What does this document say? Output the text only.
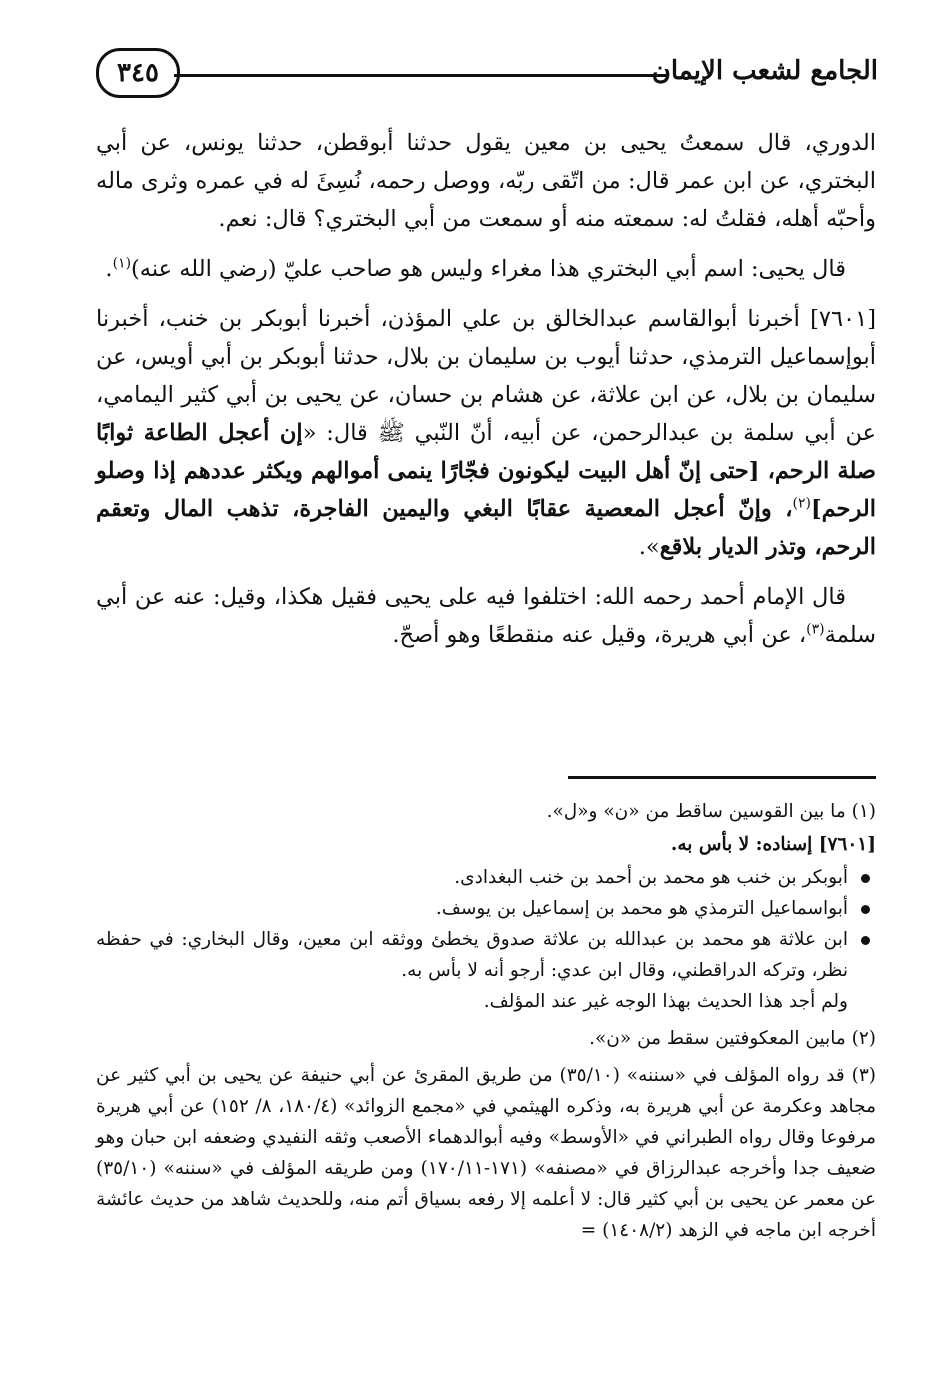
الجامع لشعب الإيمان
٣٤٥

الدوري، قال سمعتُ يحيى بن معين يقول حدثنا أبوقطن، حدثنا يونس، عن أبي البختري، عن ابن عمر قال: من اتّقى ربّه، ووصل رحمه، نُسِئَ له في عمره وثرى ماله وأحبّه أهله، فقلتُ له: سمعته منه أو سمعت من أبي البختري؟ قال: نعم.

قال يحيى: اسم أبي البختري هذا مغراء وليس هو صاحب عليّ (رضي الله عنه)$^{(١)}$.

[٧٦٠١] أخبرنا أبوالقاسم عبدالخالق بن علي المؤذن، أخبرنا أبوبكر بن خنب، أخبرنا أبوإسماعيل الترمذي، حدثنا أيوب بن سليمان بن بلال، حدثنا أبوبكر بن أبي أويس، عن سليمان بن بلال، عن ابن علاثة، عن هشام بن حسان، عن يحيى بن أبي كثير اليمامي، عن أبي سلمة بن عبدالرحمن، عن أبيه، أنّ النّبي ﷺ قال: «إن أعجل الطاعة ثوابًا صلة الرحم، [حتى إنّ أهل البيت ليكونون فجّارًا ينمى أموالهم ويكثر عددهم إذا وصلو الرحم]$^{(٢)}$، وإنّ أعجل المعصية عقابًا البغي واليمين الفاجرة، تذهب المال وتعقم الرحم، وتذر الديار بلاقع».

قال الإمام أحمد رحمه الله: اختلفوا فيه على يحيى فقيل هكذا، وقيل: عنه عن أبي سلمة$^{(٣)}$، عن أبي هريرة، وقيل عنه منقطعًا وهو أصحّ.

(١) ما بين القوسين ساقط من «ن» و«ل».

[٧٦٠١] إسناده: لا بأس به.

أبوبكر بن خنب هو محمد بن أحمد بن خنب البغدادى.
أبواسماعيل الترمذي هو محمد بن إسماعيل بن يوسف.
ابن علاثة هو محمد بن عبدالله بن علاثة صدوق يخطئ ووثقه ابن معين، وقال البخاري: في حفظه نظر، وتركه الدراقطني، وقال ابن عدي: أرجو أنه لا بأس به.

ولم أجد هذا الحديث بهذا الوجه غير عند المؤلف.

(٢) مابين المعكوفتين سقط من «ن».

(٣) قد رواه المؤلف في «سننه» (٣٥/١٠) من طريق المقرئ عن أبي حنيفة عن يحيى بن أبي كثير عن مجاهد وعكرمة عن أبي هريرة به، وذكره الهيثمي في «مجمع الزوائد» (١٨٠/٤، ٨/ ١٥٢) عن أبي هريرة مرفوعا وقال رواه الطبراني في «الأوسط» وفيه أبوالدهماء الأصعب وثقه النفيدي وضعفه ابن حبان وهو ضعيف جدا وأخرجه عبدالرزاق في «مصنفه» (١٧١-١٧٠/١١) ومن طريقه المؤلف في «سننه» (٣٥/١٠) عن معمر عن يحيى بن أبي كثير قال: لا أعلمه إلا رفعه بسياق أتم منه، وللحديث شاهد من حديث عائشة أخرجه ابن ماجه في الزهد (١٤٠٨/٢) =
